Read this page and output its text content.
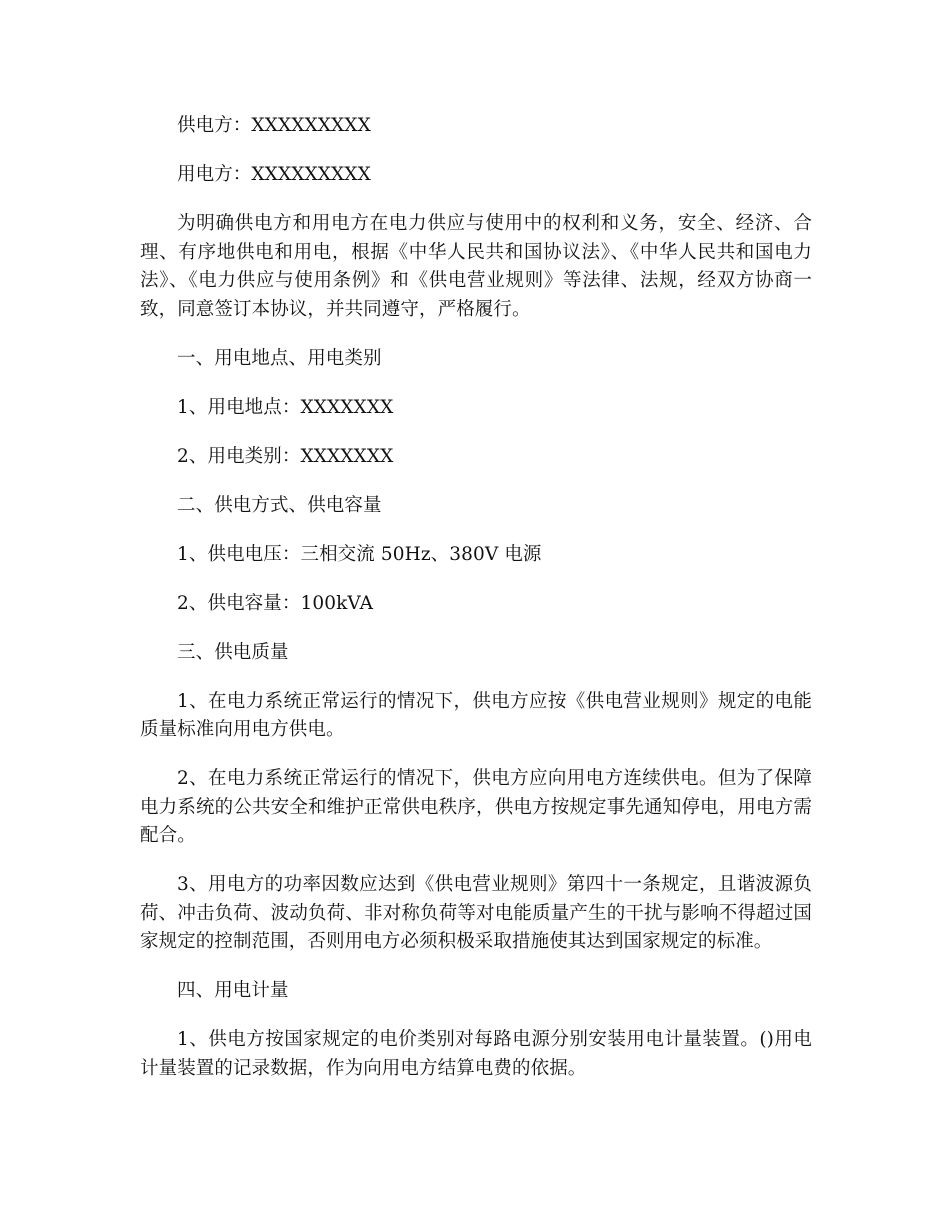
供电方：XXXXXXXXX

用电方：XXXXXXXXX

为明确供电方和用电方在电力供应与使用中的权利和义务，安全、经济、合理、有序地供电和用电，根据《中华人民共和国协议法》、《中华人民共和国电力法》、《电力供应与使用条例》和《供电营业规则》等法律、法规，经双方协商一致，同意签订本协议，并共同遵守，严格履行。

一、用电地点、用电类别

1、用电地点：XXXXXXX

2、用电类别：XXXXXXX

二、供电方式、供电容量

1、供电电压：三相交流 50Hz、380V 电源

2、供电容量：100kVA

三、供电质量

1、在电力系统正常运行的情况下，供电方应按《供电营业规则》规定的电能质量标准向用电方供电。

2、在电力系统正常运行的情况下，供电方应向用电方连续供电。但为了保障电力系统的公共安全和维护正常供电秩序，供电方按规定事先通知停电，用电方需配合。

3、用电方的功率因数应达到《供电营业规则》第四十一条规定，且谐波源负荷、冲击负荷、波动负荷、非对称负荷等对电能质量产生的干扰与影响不得超过国家规定的控制范围，否则用电方必须积极采取措施使其达到国家规定的标准。

四、用电计量

1、供电方按国家规定的电价类别对每路电源分别安装用电计量装置。()用电计量装置的记录数据，作为向用电方结算电费的依据。
